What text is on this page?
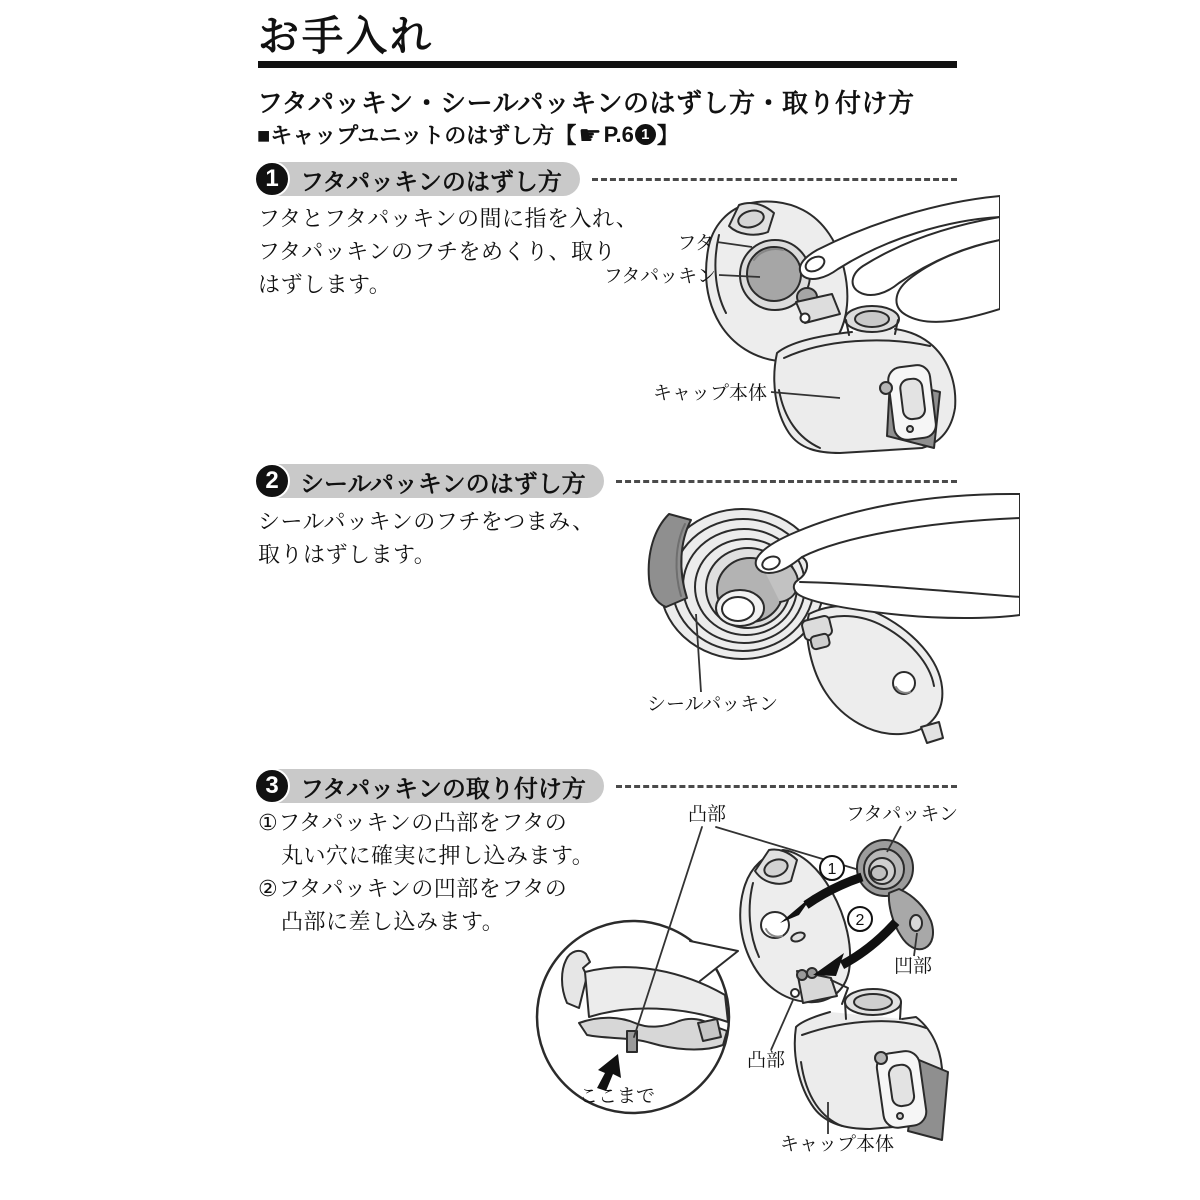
お手入れ
フタパッキン・シールパッキンのはずし方・取り付け方
■キャップユニットのはずし方 【 ☛ P.6 1 】
1 フタパッキンのはずし方
フタとフタパッキンの間に指を入れ、
フタパッキンのフチをめくり、取り
はずします。
フタ
フタパッキン
キャップ本体
2 シールパッキンのはずし方
シールパッキンのフチをつまみ、
取りはずします。
シールパッキン
3 フタパッキンの取り付け方
①フタパッキンの凸部をフタの
丸い穴に確実に押し込みます。
②フタパッキンの凹部をフタの
凸部に差し込みます。
1
2
凸部	フタパッキン
凹部
凸部
ここまで
キャップ本体
